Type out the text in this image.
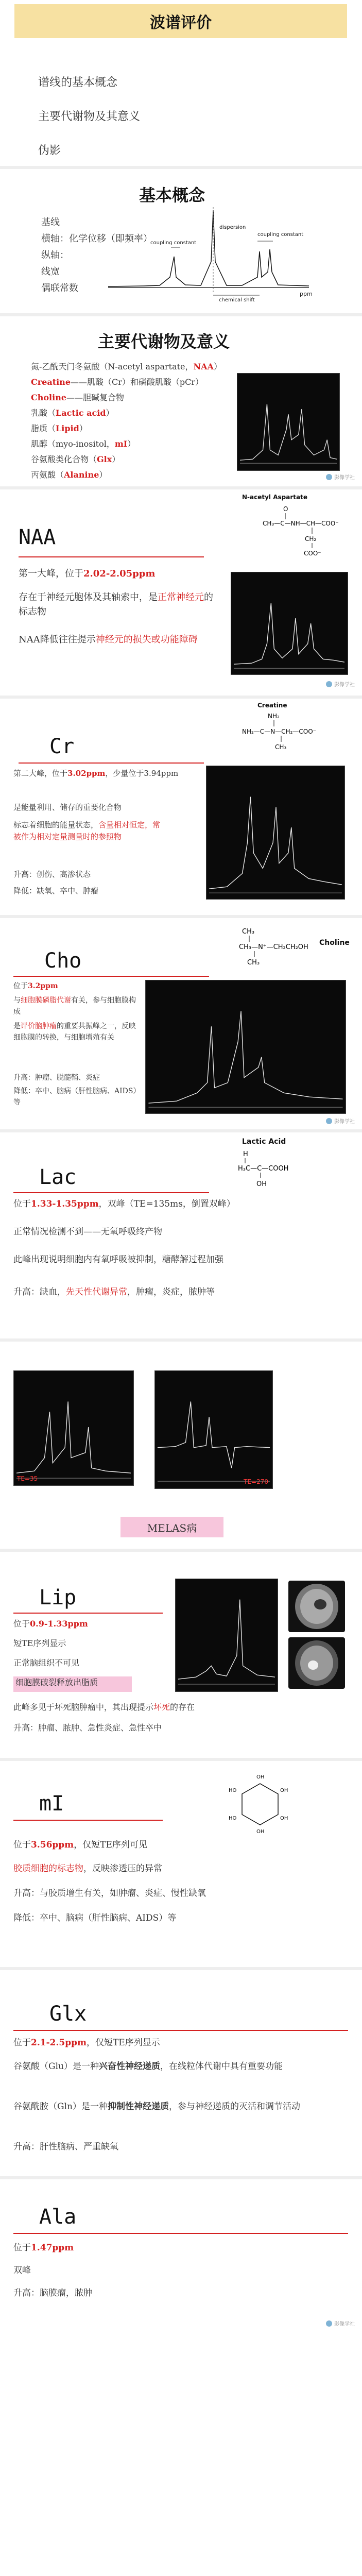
波谱评价
谱线的基本概念
主要代谢物及其意义
伪影
基本概念
基线
横轴：化学位移（即频率）
纵轴：
线宽
偶联常数
coupling constant
coupling constant
chemical shift
dispersion
ppm
主要代谢物及意义
氮-乙酰天门冬氨酸（N-acetyl aspartate，NAA）
Creatine——肌酸（Cr）和磷酸肌酸（pCr）
Choline——胆碱复合物
乳酸（Lactic acid）
脂质（Lipid）
肌醇（myo-inositol，mI）
谷氨酸类化合物（Glx）
丙氨酸（Alanine）	影像学社
NAA
N-acetyl Aspartate
O
CH₃—C—NH—CH—COO⁻
CH₂
COO⁻
第一大峰，位于2.02-2.05ppm
存在于神经元胞体及其轴索中，是正常神经元的标志物
NAA降低往往提示神经元的损失或功能障碍
影像学社
Cr
Creatine
NH₂
NH₂—C—N—CH₂—COO⁻
CH₃
第二大峰，位于3.02ppm，少量位于3.94ppm
是能量利用、储存的重要化合物
标志着细胞的能量状态，含量相对恒定，常被作为相对定量测量时的参照物
升高：创伤、高渗状态
降低：缺氧、卒中、肿瘤
Cho
Choline
CH₃
CH₃—N⁺—CH₂CH₂OH
CH₃
位于3.2ppm
与细胞膜磷脂代谢有关，参与细胞膜构成
是评价脑肿瘤的重要共振峰之一，反映细胞膜的转换，与细胞增殖有关
升高：肿瘤、脱髓鞘、炎症
降低：卒中、脑病（肝性脑病、AIDS）等
影像学社
Lac
Lactic Acid
H
H₃C—C—COOH
OH
位于1.33-1.35ppm，双峰（TE=135ms，倒置双峰）
正常情况检测不到——无氧呼吸终产物
此峰出现说明细胞内有氧呼吸被抑制，糖酵解过程加强
升高：缺血，先天性代谢异常，肿瘤，炎症，脓肿等
TE=35	TE=270
MELAS病
Lip
位于0.9-1.33ppm
短TE序列显示
正常脑组织不可见
细胞膜破裂释放出脂质
此峰多见于坏死脑肿瘤中，其出现提示坏死的存在
升高：肿瘤、脓肿、急性炎症、急性卒中
mI
OH
OH
OH
OH
HO
HO
位于3.56ppm，仅短TE序列可见
胶质细胞的标志物，反映渗透压的异常
升高：与胶质增生有关，如肿瘤、炎症、慢性缺氧
降低：卒中、脑病（肝性脑病、AIDS）等
Glx
位于2.1-2.5ppm，仅短TE序列显示
谷氨酸（Glu）是一种兴奋性神经递质，在线粒体代谢中具有重要功能
谷氨酰胺（Gln）是一种抑制性神经递质，参与神经递质的灭活和调节活动
升高：肝性脑病、严重缺氧
Ala
位于1.47ppm
双峰
升高：脑膜瘤，脓肿
影像学社
